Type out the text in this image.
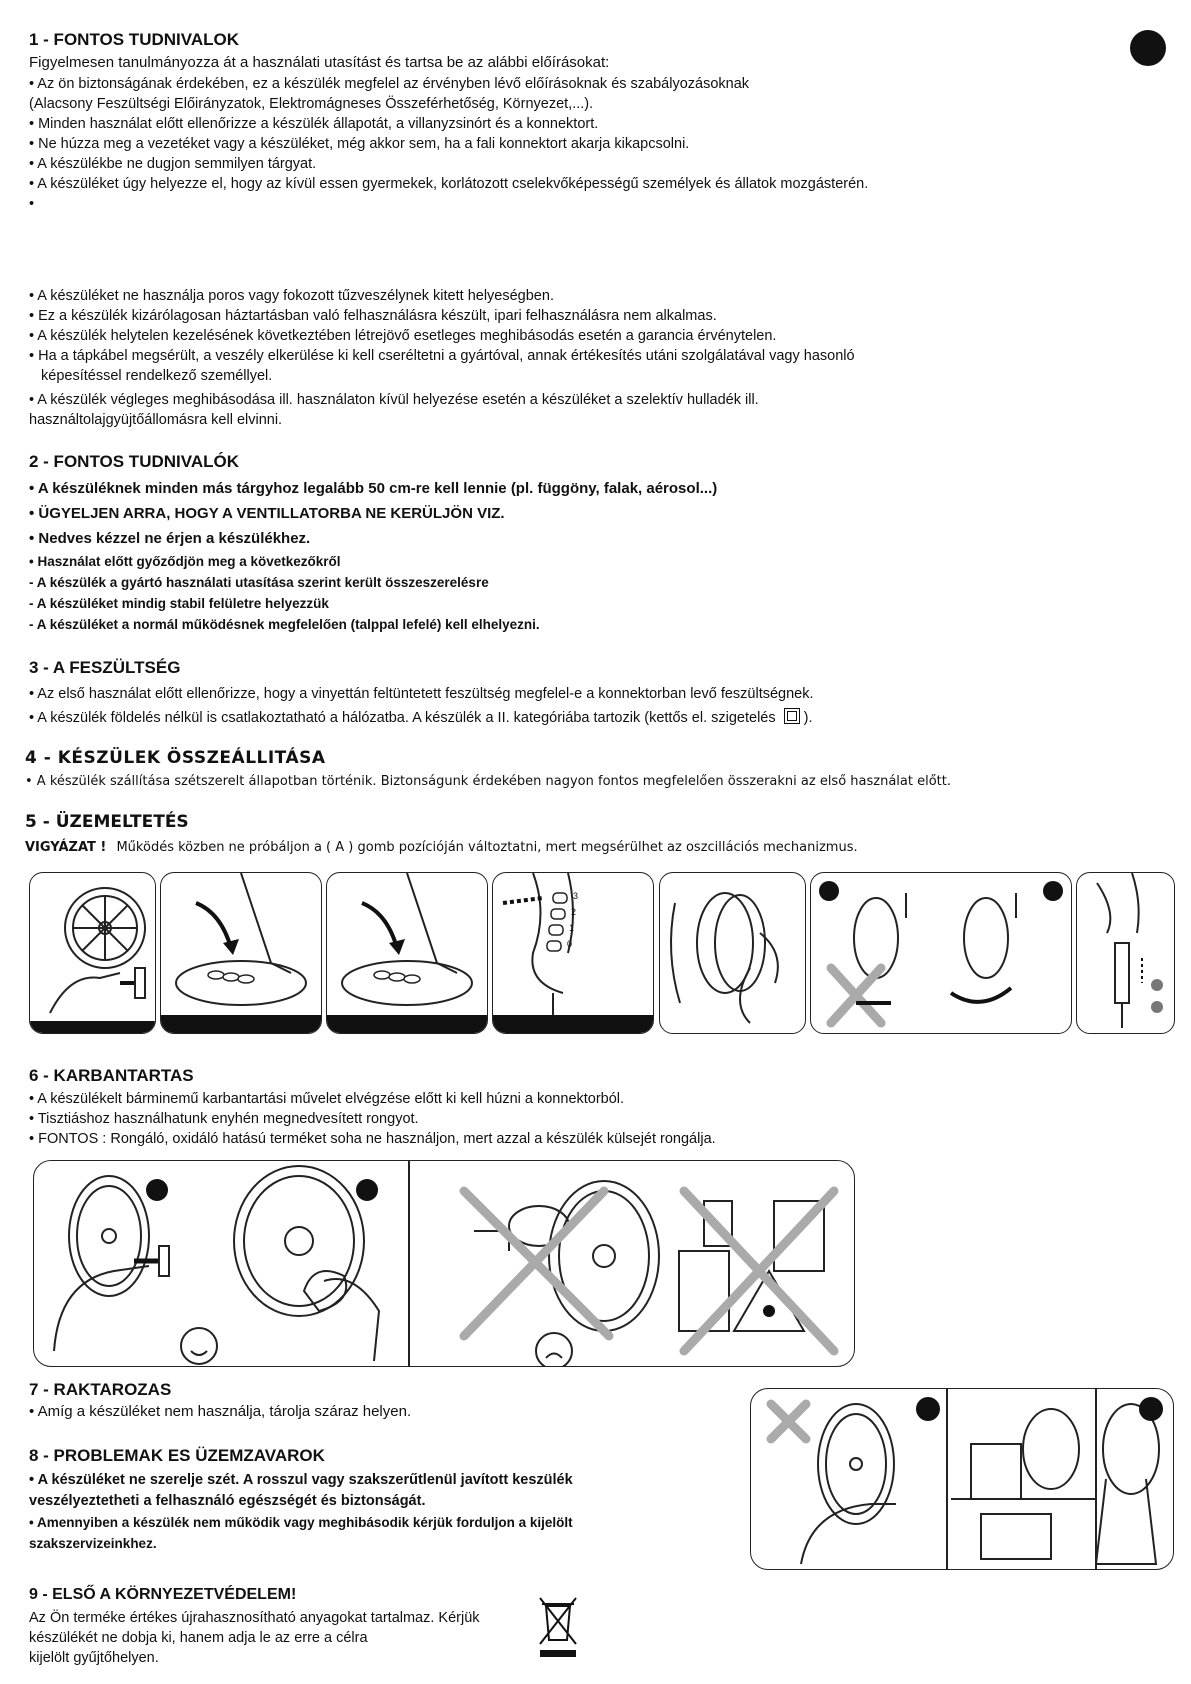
1 - FONTOS TUDNIVALOK
Figyelmesen tanulmányozza át a használati utasítást és tartsa be az alábbi előírásokat:
• Az ön biztonságának érdekében, ez a készülék megfelel az érvényben lévő előírásoknak és szabályozásoknak
(Alacsony Feszültségi Előirányzatok, Elektromágneses Összeférhetőség, Környezet,...).
• Minden használat előtt ellenőrizze a készülék állapotát, a villanyzsinórt és a konnektort.
• Ne húzza meg a vezetéket vagy a készüléket, még akkor sem, ha a fali konnektort akarja kikapcsolni.
• A készülékbe ne dugjon semmilyen tárgyat.
• A készüléket úgy helyezze el, hogy az kívül essen gyermekek, korlátozott cselekvőképességű személyek és állatok mozgásterén.
•
• A készüléket ne használja poros vagy fokozott tűzveszélynek kitett helyeségben.
• Ez a készülék kizárólagosan háztartásban való felhasználásra készült, ipari felhasználásra nem alkalmas.
• A készülék helytelen kezelésének következtében létrejövő esetleges meghibásodás esetén a garancia érvénytelen.
• Ha a tápkábel megsérült, a veszély elkerülése ki kell cseréltetni a gyártóval, annak értékesítés utáni szolgálatával vagy hasonló
képesítéssel rendelkező személlyel.
• A készülék végleges meghibásodása ill. használaton kívül helyezése esetén a készüléket a szelektív hulladék ill.
használtolajgyüjtőállomásra kell elvinni.
2 - FONTOS TUDNIVALÓK
• A készüléknek minden más tárgyhoz legalább 50 cm-re kell lennie (pl. függöny, falak, aérosol...)
• ÜGYELJEN ARRA, HOGY A VENTILLATORBA NE KERÜLJÖN VIZ.
• Nedves kézzel ne érjen a készülékhez.
• Használat előtt győződjön meg a következőkről
- A készülék a gyártó használati utasítása szerint került összeszerelésre
- A készüléket mindig stabil felületre helyezzük
- A készüléket a normál működésnek megfelelően (talppal lefelé) kell elhelyezni.
3 - A FESZÜLTSÉG
• Az első használat előtt ellenőrizze, hogy a vinyettán feltüntetett feszültség megfelel-e a konnektorban levő feszültségnek.
• A készülék földelés nélkül is csatlakoztatható a hálózatba. A készülék a II. kategóriába tartozik (kettős el. szigetelés ).
4 - KÉSZÜLEK ÖSSZEÁLLITÁSA
• A készülék szállítása szétszerelt állapotban történik. Biztonságunk érdekében nagyon fontos megfelelően összerakni az első használat előtt.
5 - ÜZEMELTETÉS
VIGYÁZAT ! Működés közben ne próbáljon a ( A ) gomb pozícióján változtatni, mert megsérülhet az oszcillációs mechanizmus.
3
2
1
0
6 - KARBANTARTAS
• A készülékelt bárminemű karbantartási művelet elvégzése előtt ki kell húzni a konnektorból.
• Tisztiáshoz használhatunk enyhén megnedvesített rongyot.
• FONTOS : Rongáló, oxidáló hatású terméket soha ne használjon, mert azzal a készülék külsejét rongálja.
7 - RAKTAROZAS
• Amíg a készüléket nem használja, tárolja száraz helyen.
8 - PROBLEMAK ES ÜZEMZAVAROK
• A készüléket ne szerelje szét. A rosszul vagy szakszerűtlenül javított keszülék
veszélyeztetheti a felhasználó egészségét és biztonságát.
• Amennyiben a készülék nem működik vagy meghibásodik kérjük forduljon a kijelölt
szakszervizeinkhez.
9 - ELSŐ A KÖRNYEZETVÉDELEM!
Az Ön terméke értékes újrahasznosítható anyagokat tartalmaz. Kérjük
készülékét ne dobja ki, hanem adja le az erre a célra
kijelölt gyűjtőhelyen.
